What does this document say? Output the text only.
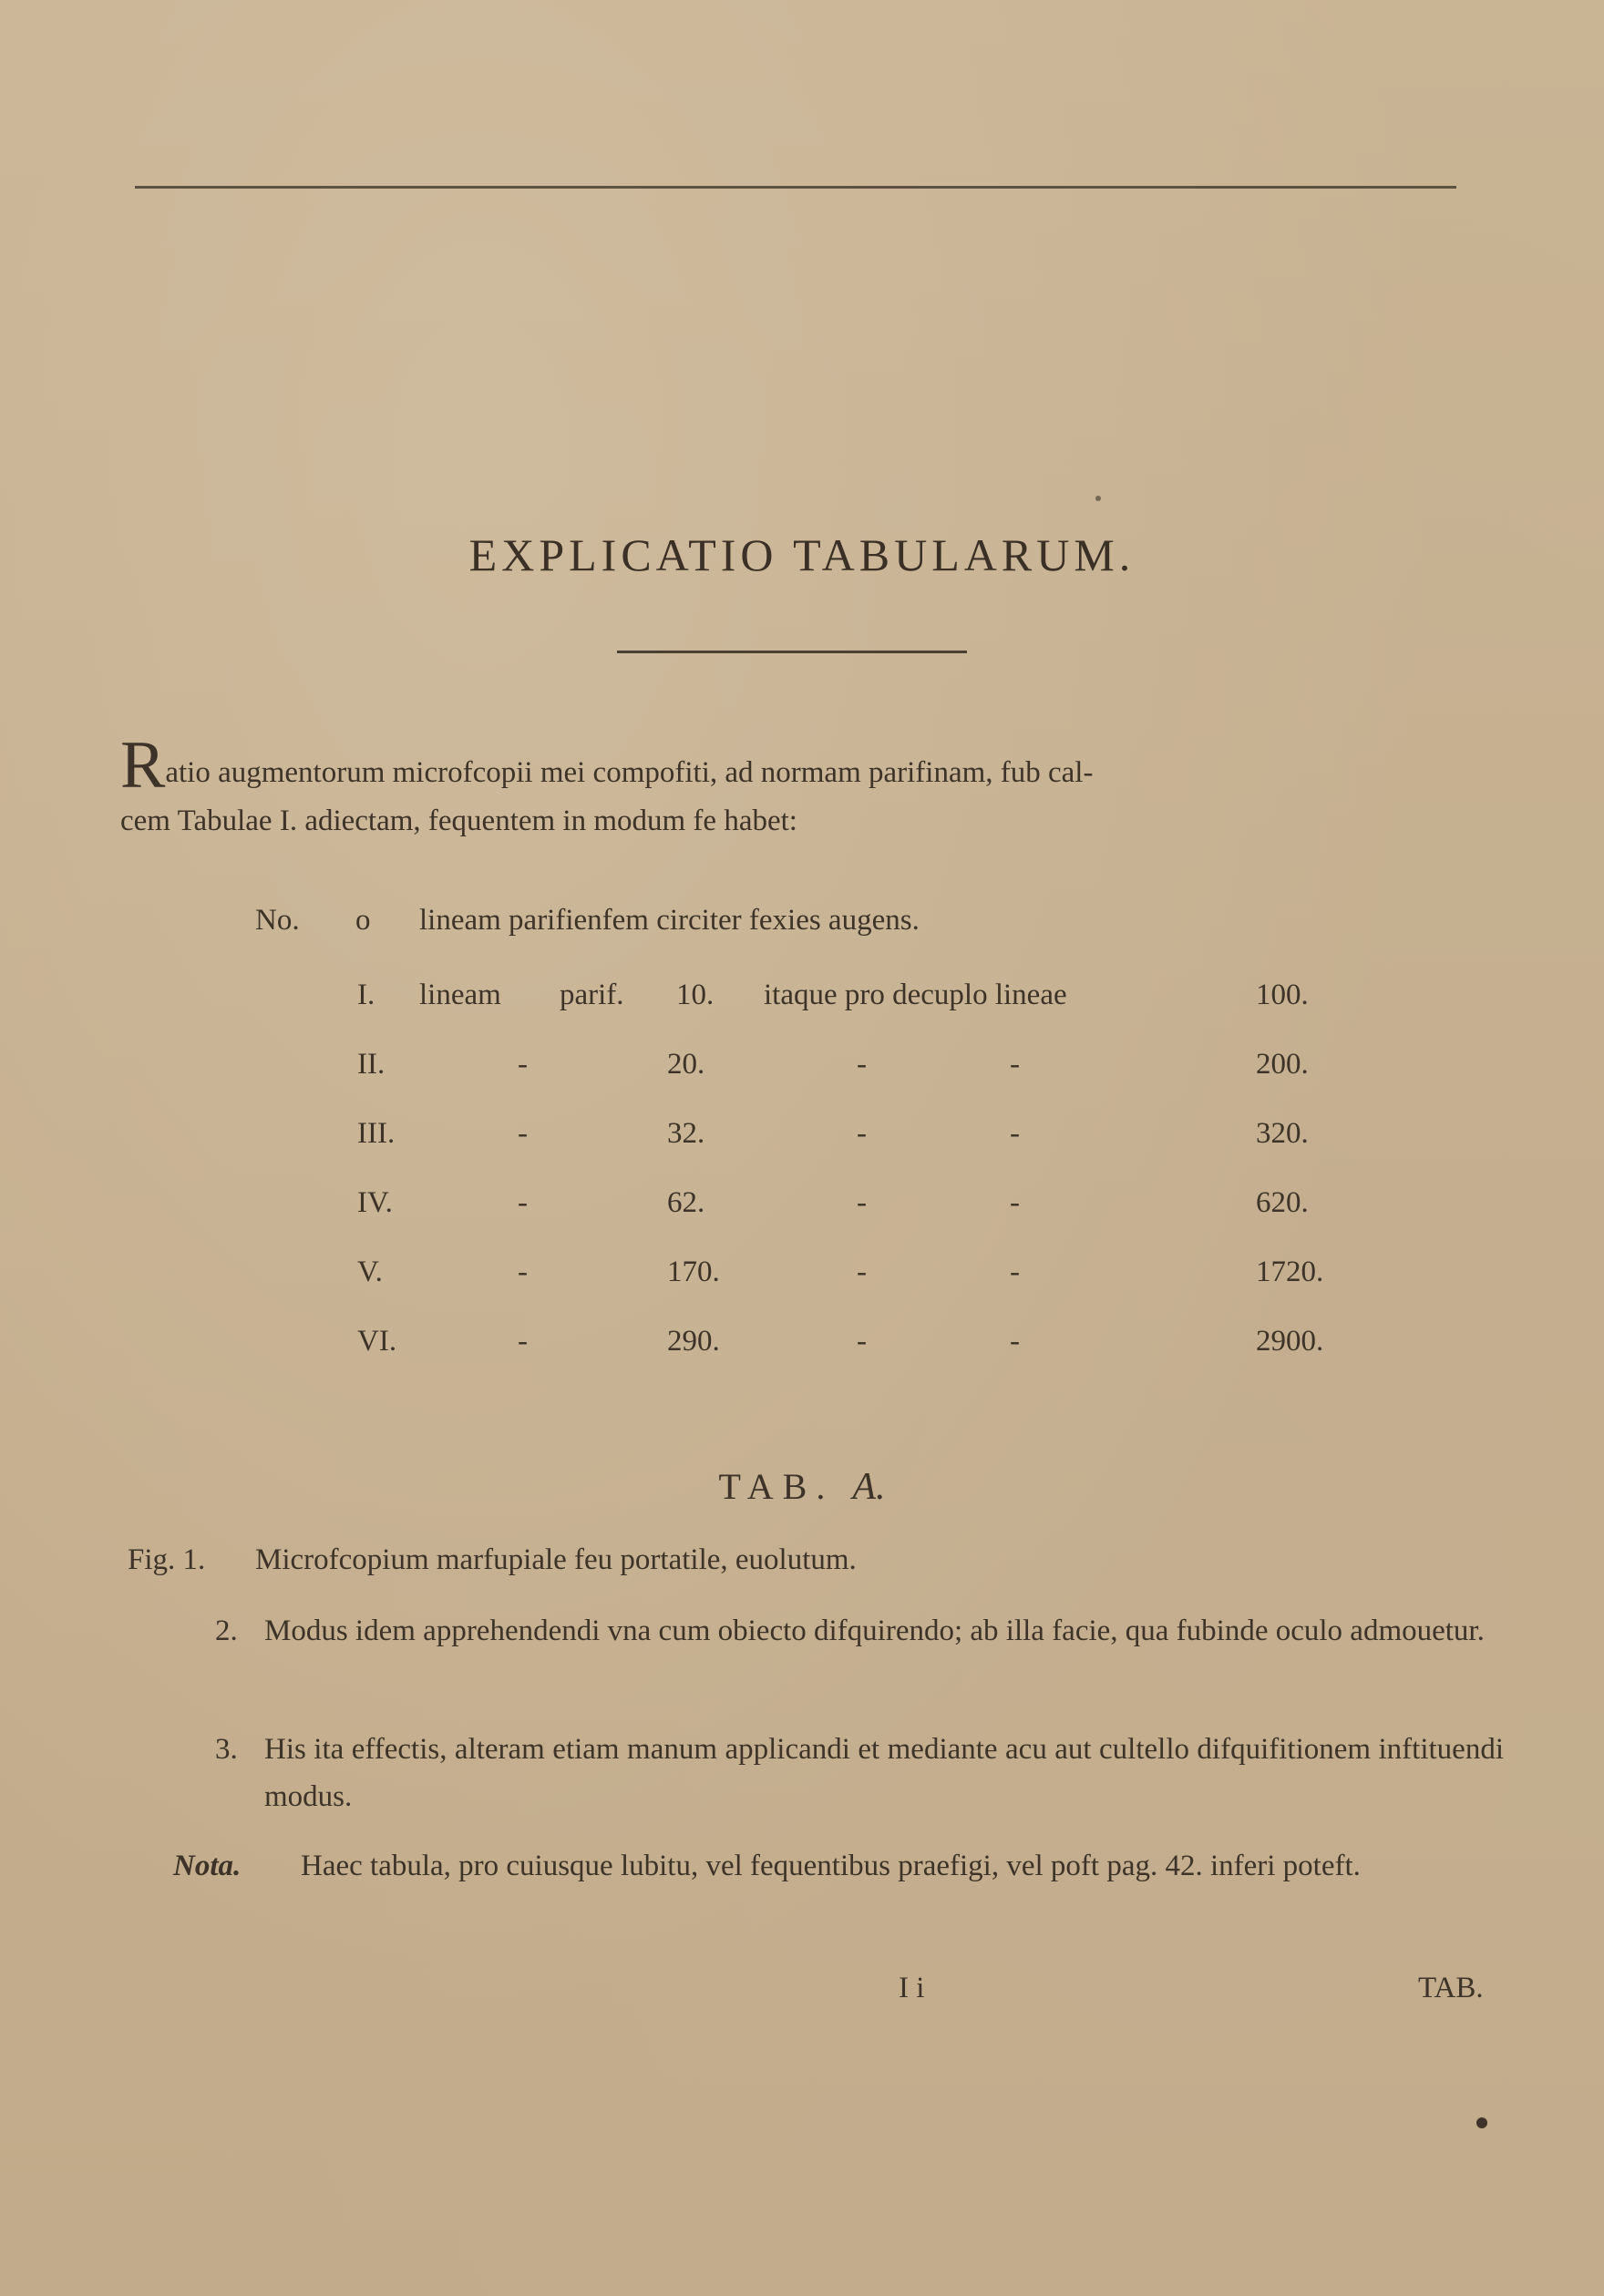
EXPLICATIO TABULARUM.
Ratio augmentorum microfcopii mei compofiti, ad normam parifinam, fub cal-
cem Tabulae I. adiectam, fequentem in modum fe habet:
No. o lineam parifienfem circiter fexies augens.
I. lineam parif. 10. itaque pro decuplo lineae	100.
II.	-	20.	-	-	200.
III.	-	32.	-	-	320.
IV.	-	62.	-	-	620.
V.	-	170.	-	-	1720.
VI.	-	290.	-	-	2900.
TAB. A.
Fig. 1. Microfcopium marfupiale feu portatile, euolutum.
2. Modus idem apprehendendi vna cum obiecto difquirendo; ab illa facie, qua fubinde oculo admouetur.
3. His ita effectis, alteram etiam manum applicandi et mediante acu aut cultello difquifitionem inftituendi modus.
Nota. Haec tabula, pro cuiusque lubitu, vel fequentibus praefigi, vel poft pag. 42. inferi poteft.
I i	TAB.
